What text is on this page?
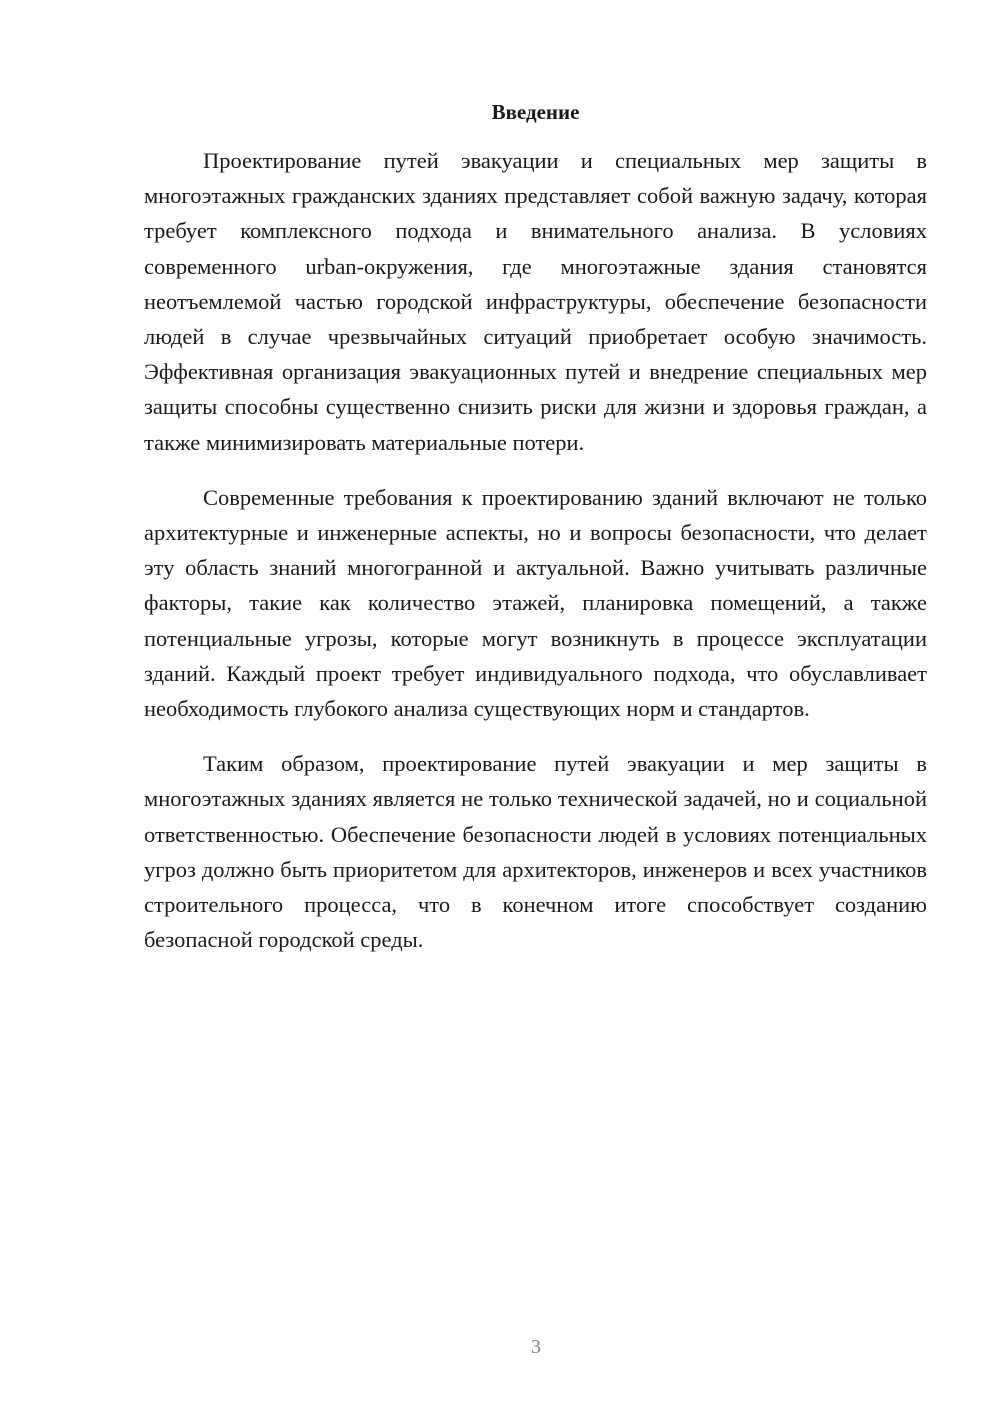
Введение

Проектирование путей эвакуации и специальных мер защиты в многоэтажных гражданских зданиях представляет собой важную задачу, которая требует комплексного подхода и внимательного анализа. В условиях современного urban-окружения, где многоэтажные здания становятся неотъемлемой частью городской инфраструктуры, обеспечение безопасности людей в случае чрезвычайных ситуаций приобретает особую значимость. Эффективная организация эвакуационных путей и внедрение специальных мер защиты способны существенно снизить риски для жизни и здоровья граждан, а также минимизировать материальные потери.

Современные требования к проектированию зданий включают не только архитектурные и инженерные аспекты, но и вопросы безопасности, что делает эту область знаний многогранной и актуальной. Важно учитывать различные факторы, такие как количество этажей, планировка помещений, а также потенциальные угрозы, которые могут возникнуть в процессе эксплуатации зданий. Каждый проект требует индивидуального подхода, что обуславливает необходимость глубокого анализа существующих норм и стандартов.

Таким образом, проектирование путей эвакуации и мер защиты в многоэтажных зданиях является не только технической задачей, но и социальной ответственностью. Обеспечение безопасности людей в условиях потенциальных угроз должно быть приоритетом для архитекторов, инженеров и всех участников строительного процесса, что в конечном итоге способствует созданию безопасной городской среды.

3
